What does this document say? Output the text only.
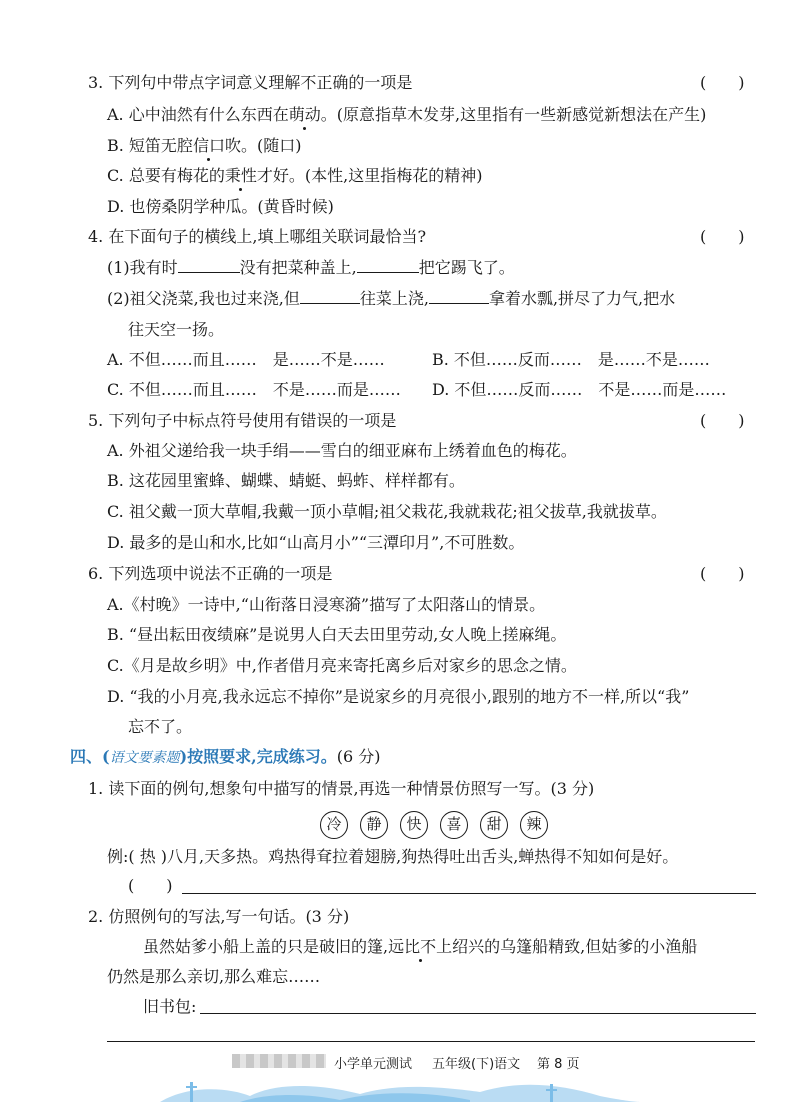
3. 下列句中带点字词意义理解不正确的一项是	(　　)
A. 心中油然有什么东西在萌动。(原意指草木发芽,这里指有一些新感觉新想法在产生)
B. 短笛无腔信口吹。(随口)
C. 总要有梅花的秉性才好。(本性,这里指梅花的精神)
D. 也傍桑阴学种瓜。(黄昏时候)
4. 在下面句子的横线上,填上哪组关联词最恰当?	(　　)
(1)我有时	没有把菜种盖上,	把它踢飞了。
(2)祖父浇菜,我也过来浇,但	往菜上浇,	拿着水瓢,拼尽了力气,把水
往天空一扬。
A. 不但……而且……　是……不是……	B. 不但……反而……　是……不是……
C. 不但……而且……　不是……而是…… D. 不但……反而……　不是……而是……
5. 下列句子中标点符号使用有错误的一项是	(　　)
A. 外祖父递给我一块手绢——雪白的细亚麻布上绣着血色的梅花。
B. 这花园里蜜蜂、蝴蝶、蜻蜓、蚂蚱、样样都有。
C. 祖父戴一顶大草帽,我戴一顶小草帽;祖父栽花,我就栽花;祖父拔草,我就拔草。
D. 最多的是山和水,比如“山高月小”“三潭印月”,不可胜数。
6. 下列选项中说法不正确的一项是	(　　)
A.《村晚》一诗中,“山衔落日浸寒漪”描写了太阳落山的情景。
B. “昼出耘田夜绩麻”是说男人白天去田里劳动,女人晚上搓麻绳。
C.《月是故乡明》中,作者借月亮来寄托离乡后对家乡的思念之情。
D. “我的小月亮,我永远忘不掉你”是说家乡的月亮很小,跟别的地方不一样,所以“我”
忘不了。
四、(语文要素题)按照要求,完成练习。(6 分)
1. 读下面的例句,想象句中描写的情景,再选一种情景仿照写一写。(3 分)
冷	静	快	喜	甜	辣
例:( 热 )八月,天多热。鸡热得耷拉着翅膀,狗热得吐出舌头,蝉热得不知如何是好。
(　　)
2. 仿照例句的写法,写一句话。(3 分)
虽然姑爹小船上盖的只是破旧的篷,远比不上绍兴的乌篷船精致,但姑爹的小渔船
仍然是那么亲切,那么难忘……
旧书包:
小学单元测试 五年级(下)语文 第 8 页
